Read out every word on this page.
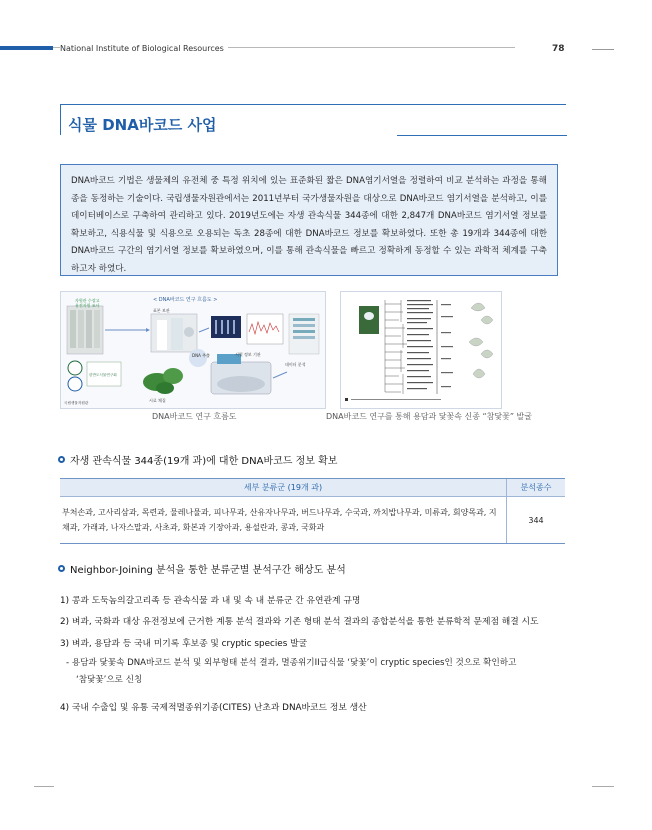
National Institute of Biological Resources	78
식물 DNA바코드 사업

DNA바코드 기법은 생물체의 유전체 중 특정 위치에 있는 표준화된 짧은 DNA염기서열을 정렬하여 비교 분석하는 과정을 통해 종을 동정하는 기술이다. 국립생물자원관에서는 2011년부터 국가생물자원을 대상으로 DNA바코드 염기서열을 분석하고, 이를 데이터베이스로 구축하여 관리하고 있다. 2019년도에는 자생 관속식물 344종에 대한 2,847개 DNA바코드 염기서열 정보를 확보하고, 식용식물 및 식용으로 오용되는 독초 28종에 대한 DNA바코드 정보를 확보하였다. 또한 총 19개과 344종에 대한 DNA바코드 구간의 염기서열 정보를 확보하였으며, 이를 통해 관속식물을 빠르고 정확하게 동정할 수 있는 과학적 체계를 구축하고자 하였다.

< DNA바코드 연구 흐름도 >
자원관 수장고
유전자원 조사
표본 보관
DNA 추출	서열 정보 기관
데이터 분석
한반도식물연구회
시료 채집
국립생물자원관
DNA바코드 연구 흐름도	DNA바코드 연구를 통해 용담과 닻꽃속 신종 “참닻꽃” 발굴
자생 관속식물 344종(19개 과)에 대한 DNA바코드 정보 확보
세부 분류군 (19개 과)	분석종수
부처손과, 고사리삼과, 목련과, 물레나물과, 피나무과, 산유자나무과, 버드나무과, 수국과, 까치밥나무과, 미류과, 회양목과, 지채과, 가래과, 나자스말과, 사초과, 화본과 기장아과, 용설란과, 콩과, 국화과	344
Neighbor-Joining 분석을 통한 분류군별 분석구간 해상도 분석
1) 콩과 도둑놈의갈고리족 등 관속식물 과 내 및 속 내 분류군 간 유연관계 규명
2) 벼과, 국화과 대상 유전정보에 근거한 계통 분석 결과와 기존 형태 분석 결과의 종합분석을 통한 분류학적 문제점 해결 시도
3) 벼과, 용담과 등 국내 미기록 후보종 및 cryptic species 발굴
- 용담과 닻꽃속 DNA바코드 분석 및 외부형태 분석 결과, 멸종위기II급식물 ‘닻꽃’이 cryptic species인 것으로 확인하고
‘참닻꽃’으로 신칭
4) 국내 수출입 및 유통 국제적멸종위기종(CITES) 난초과 DNA바코드 정보 생산
